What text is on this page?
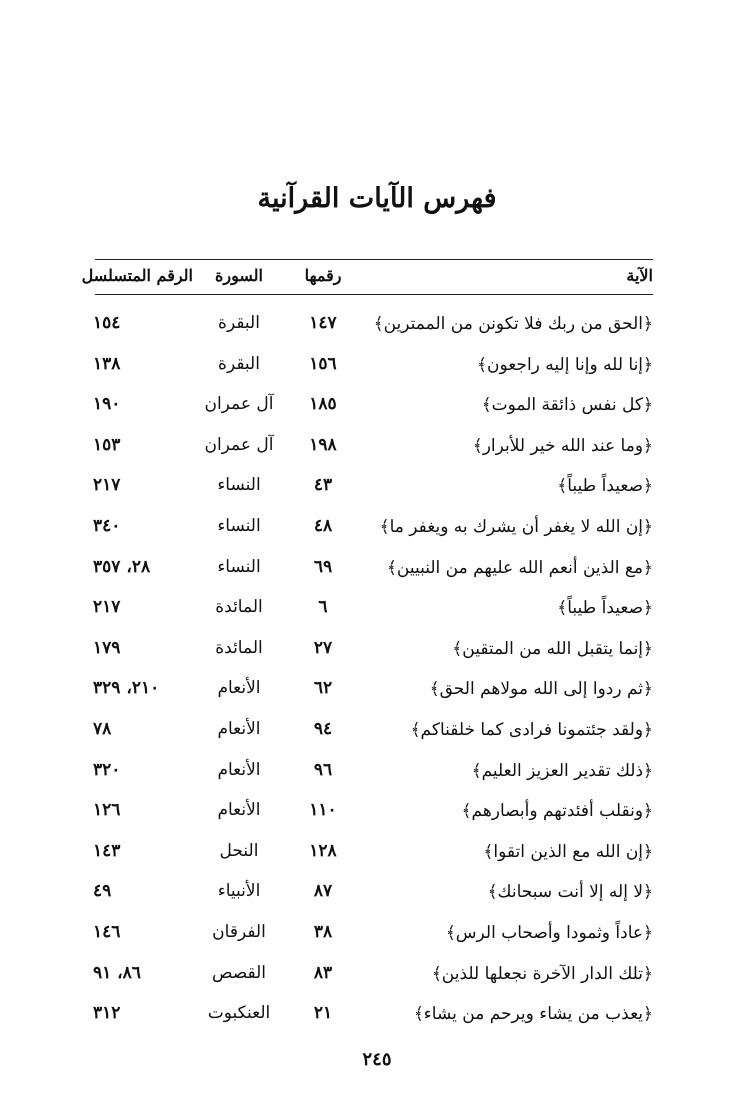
فهرس الآيات القرآنية
الآية
رقمها
السورة
الرقم المتسلسل
﴿الحق من ربك فلا تكونن من الممترين﴾
١٤٧
البقرة
١٥٤
﴿إنا لله وإنا إليه راجعون﴾
١٥٦
البقرة
١٣٨
﴿كل نفس ذائقة الموت﴾
١٨٥
آل عمران
١٩٠
﴿وما عند الله خير للأبرار﴾
١٩٨
آل عمران
١٥٣
﴿صعيداً طيباً﴾
٤٣
النساء
٢١٧
﴿إن الله لا يغفر أن يشرك به ويغفر ما﴾
٤٨
النساء
٣٤٠
﴿مع الذين أنعم الله عليهم من النبيين﴾
٦٩
النساء
٢٨، ٣٥٧
﴿صعيداً طيباً﴾
٦
المائدة
٢١٧
﴿إنما يتقبل الله من المتقين﴾
٢٧
المائدة
١٧٩
﴿ثم ردوا إلى الله مولاهم الحق﴾
٦٢
الأنعام
٢١٠، ٣٢٩
﴿ولقد جئتمونا فرادى كما خلقناكم﴾
٩٤
الأنعام
٧٨
﴿ذلك تقدير العزيز العليم﴾
٩٦
الأنعام
٣٢٠
﴿ونقلب أفئدتهم وأبصارهم﴾
١١٠
الأنعام
١٢٦
﴿إن الله مع الذين اتقوا﴾
١٢٨
النحل
١٤٣
﴿لا إله إلا أنت سبحانك﴾
٨٧
الأنبياء
٤٩
﴿عاداً وثمودا وأصحاب الرس﴾
٣٨
الفرقان
١٤٦
﴿تلك الدار الآخرة نجعلها للذين﴾
٨٣
القصص
٨٦، ٩١
﴿يعذب من يشاء ويرحم من يشاء﴾
٢١
العنكبوت
٣١٢
٢٤٥
